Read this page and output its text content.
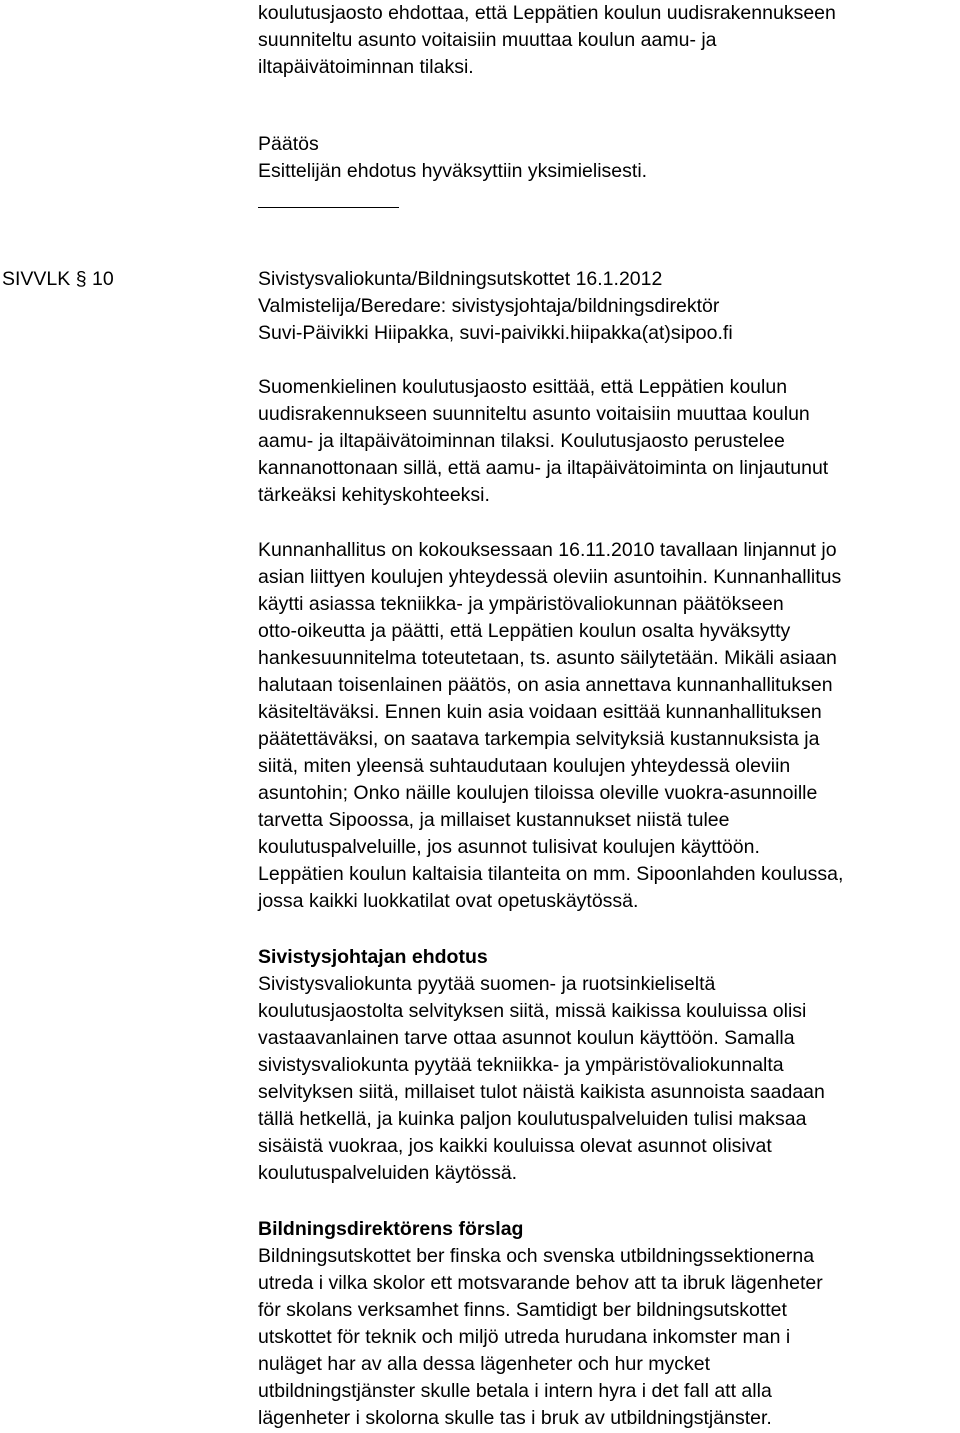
koulutusjaosto ehdottaa, että Leppätien koulun uudisrakennukseen
suunniteltu asunto voitaisiin muuttaa koulun aamu- ja
iltapäivätoiminnan tilaksi.
Päätös
Esittelijän ehdotus hyväksyttiin yksimielisesti.
SIVVLK § 10	Sivistysvaliokunta/Bildningsutskottet 16.1.2012
Valmistelija/Beredare: sivistysjohtaja/bildningsdirektör
Suvi-Päivikki Hiipakka, suvi-paivikki.hiipakka(at)sipoo.fi
Suomenkielinen koulutusjaosto esittää, että Leppätien koulun
uudisrakennukseen suunniteltu asunto voitaisiin muuttaa koulun
aamu- ja iltapäivätoiminnan tilaksi. Koulutusjaosto perustelee
kannanottonaan sillä, että aamu- ja iltapäivätoiminta on linjautunut
tärkeäksi kehityskohteeksi.
Kunnanhallitus on kokouksessaan 16.11.2010 tavallaan linjannut jo
asian liittyen koulujen yhteydessä oleviin asuntoihin. Kunnanhallitus
käytti asiassa tekniikka- ja ympäristövaliokunnan päätökseen
otto-oikeutta ja päätti, että Leppätien koulun osalta hyväksytty
hankesuunnitelma toteutetaan, ts. asunto säilytetään. Mikäli asiaan
halutaan toisenlainen päätös, on asia annettava kunnanhallituksen
käsiteltäväksi. Ennen kuin asia voidaan esittää kunnanhallituksen
päätettäväksi, on saatava tarkempia selvityksiä kustannuksista ja
siitä, miten yleensä suhtaudutaan koulujen yhteydessä oleviin
asuntohin; Onko näille koulujen tiloissa oleville vuokra-asunnoille
tarvetta Sipoossa, ja millaiset kustannukset niistä tulee
koulutuspalveluille, jos asunnot tulisivat koulujen käyttöön.
Leppätien koulun kaltaisia tilanteita on mm. Sipoonlahden koulussa,
jossa kaikki luokkatilat ovat opetuskäytössä.
Sivistysjohtajan ehdotus
Sivistysvaliokunta pyytää suomen- ja ruotsinkieliseltä
koulutusjaostolta selvityksen siitä, missä kaikissa kouluissa olisi
vastaavanlainen tarve ottaa asunnot koulun käyttöön. Samalla
sivistysvaliokunta pyytää tekniikka- ja ympäristövaliokunnalta
selvityksen siitä, millaiset tulot näistä kaikista asunnoista saadaan
tällä hetkellä, ja kuinka paljon koulutuspalveluiden tulisi maksaa
sisäistä vuokraa, jos kaikki kouluissa olevat asunnot olisivat
koulutuspalveluiden käytössä.
Bildningsdirektörens förslag
Bildningsutskottet ber finska och svenska utbildningssektionerna
utreda i vilka skolor ett motsvarande behov att ta ibruk lägenheter
för skolans verksamhet finns. Samtidigt ber bildningsutskottet
utskottet för teknik och miljö utreda hurudana inkomster man i
nuläget har av alla dessa lägenheter och hur mycket
utbildningstjänster skulle betala i intern hyra i det fall att alla
lägenheter i skolorna skulle tas i bruk av utbildningstjänster.
